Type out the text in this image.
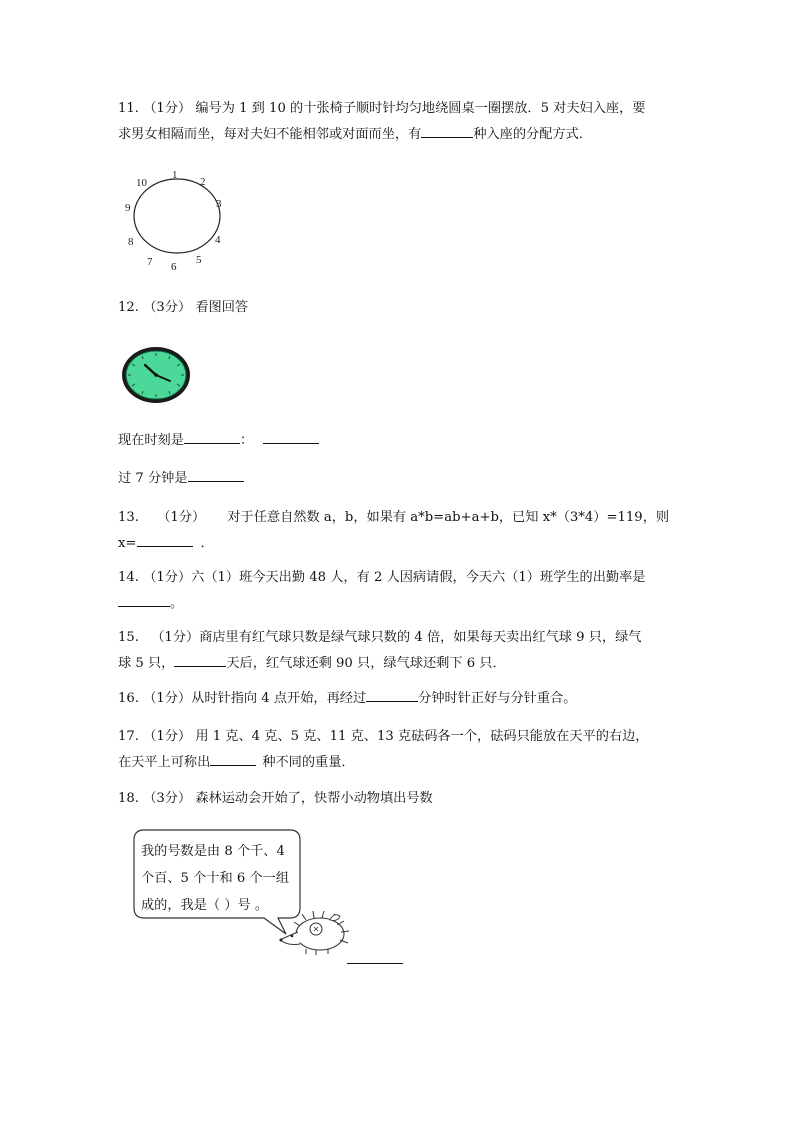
11. （1分） 编号为 1 到 10 的十张椅子顺时针均匀地绕圆桌一圈摆放．5 对夫妇入座，要
求男女相隔而坐，每对夫妇不能相邻或对面而坐，有	种入座的分配方式．
1
2
3
4
5
6
7
8
9
10
12. （3分） 看图回答
现在时刻是	：
过 7 分钟是
13. （1分） 对于任意自然数 a，b，如果有 a*b=ab+a+b，已知 x*（3*4）=119，则
x=	．
14. （1分）六（1）班今天出勤 48 人，有 2 人因病请假，今天六（1）班学生的出勤率是
。
15. （1分）商店里有红气球只数是绿气球只数的 4 倍，如果每天卖出红气球 9 只，绿气
球 5 只，	天后，红气球还剩 90 只，绿气球还剩下 6 只．
16. （1分）从时针指向 4 点开始，再经过	分钟时针正好与分针重合。
17. （1分） 用 1 克、4 克、5 克、11 克、13 克砝码各一个，砝码只能放在天平的右边，
在天平上可称出	种不同的重量．
18. （3分） 森林运动会开始了，快帮小动物填出号数
我的号数是由 8 个千、4
个百、5 个十和 6 个一组
成的，我是（ ）号 。
